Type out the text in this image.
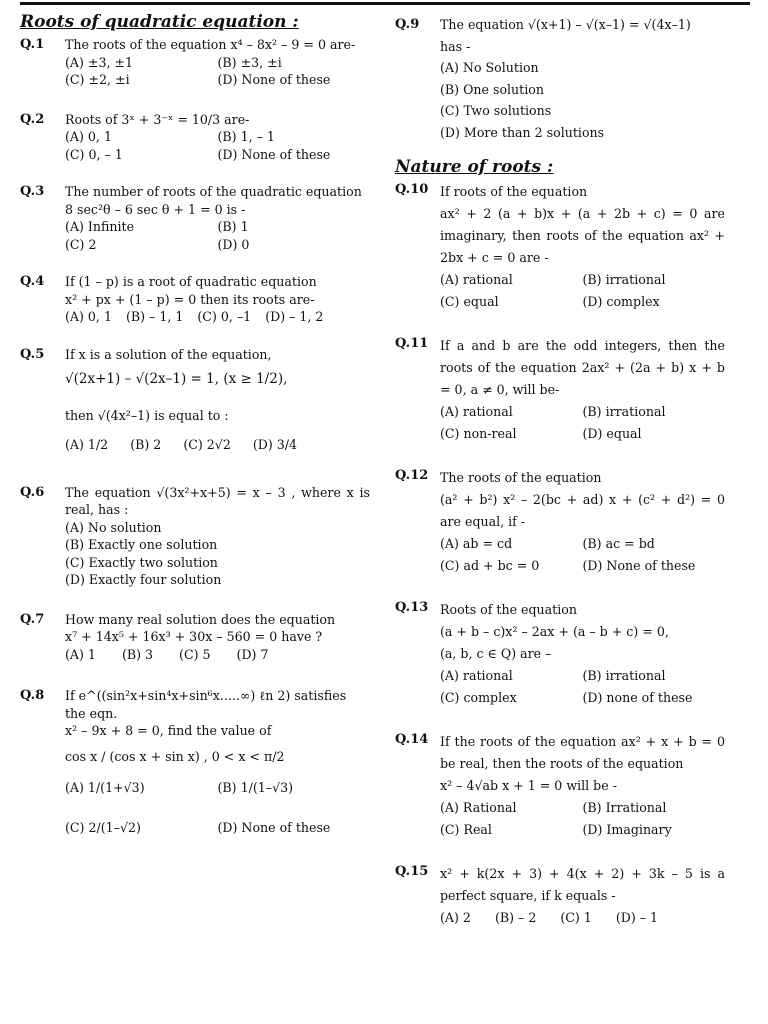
Roots of quadratic equation :
Q.1	The roots of the equation x⁴ – 8x² – 9 = 0 are-
(A) ±3, ±1	(B) ±3, ±i
(C) ±2, ±i	(D) None of these
Q.2	Roots of 3ˣ + 3⁻ˣ = 10/3 are-
(A) 0, 1	(B) 1, – 1
(C) 0, – 1	(D) None of these
Q.3	The number of roots of the quadratic equation
8 sec²θ – 6 sec θ + 1 = 0 is -
(A) Infinite	(B) 1
(C) 2	(D) 0
Q.4	If (1 – p) is a root of quadratic equation
x² + px + (1 – p) = 0 then its roots are-
(A) 0, 1 (B) – 1, 1 (C) 0, –1 (D) – 1, 2
Q.5	If x is a solution of the equation,
√(2x+1) – √(2x–1) = 1, (x ≥ 1/2),
then √(4x²–1) is equal to :
(A) 1/2 (B) 2 (C) 2√2 (D) 3/4
Q.6	The equation √(3x²+x+5) = x – 3 , where x is real, has :
(A) No solution
(B) Exactly one solution
(C) Exactly two solution
(D) Exactly four solution
Q.7	How many real solution does the equation
x⁷ + 14x⁵ + 16x³ + 30x – 560 = 0 have ?
(A) 1 (B) 3 (C) 5 (D) 7
Q.8	If e^((sin²x+sin⁴x+sin⁶x.....∞) ℓn 2) satisfies the eqn.
x² – 9x + 8 = 0, find the value of
cos x / (cos x + sin x) , 0 < x < π/2
(A) 1/(1+√3)	(B) 1/(1–√3)
(C) 2/(1–√2)	(D) None of these
Q.9	The equation √(x+1) – √(x–1) = √(4x–1)
has -
(A) No Solution
(B) One solution
(C) Two solutions
(D) More than 2 solutions
Nature of roots :
Q.10 If roots of the equation
ax² + 2 (a + b)x + (a + 2b + c) = 0 are imaginary, then roots of the equation ax² + 2bx + c = 0 are -
(A) rational	(B) irrational
(C) equal	(D) complex
Q.11 If a and b are the odd integers, then the roots of the equation 2ax² + (2a + b) x + b = 0, a ≠ 0, will be-
(A) rational	(B) irrational
(C) non-real	(D) equal
Q.12 The roots of the equation
(a² + b²) x² – 2(bc + ad) x + (c² + d²) = 0 are equal, if -
(A) ab = cd	(B) ac = bd
(C) ad + bc = 0	(D) None of these
Q.13 Roots of the equation
(a + b – c)x² – 2ax + (a – b + c) = 0,
(a, b, c ∈ Q) are –
(A) rational	(B) irrational
(C) complex	(D) none of these
Q.14 If the roots of the equation ax² + x + b = 0 be real, then the roots of the equation
x² – 4√ab x + 1 = 0 will be -
(A) Rational	(B) Irrational
(C) Real	(D) Imaginary
Q.15 x² + k(2x + 3) + 4(x + 2) + 3k – 5 is a perfect square, if k equals -
(A) 2 (B) – 2 (C) 1 (D) – 1
